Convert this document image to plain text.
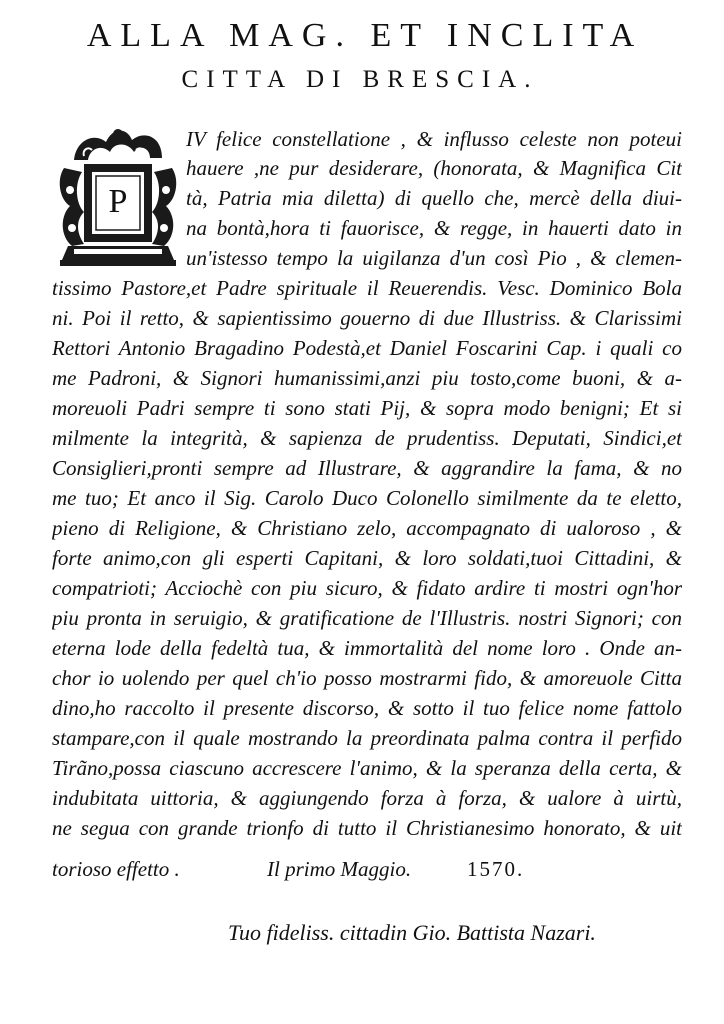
ALLA MAG. ET INCLITA
CITTA DI BRESCIA.
P
IV felice constellatione , & influsso celeste non poteui
hauere ,ne pur desiderare, (honorata, & Magnifica Cit
tà, Patria mia diletta) di quello che, mercè della diui-
na bontà,hora ti fauorisce, & regge, in hauerti dato in
un'istesso tempo la uigilanza d'un così Pio , & clemen-
tissimo Pastore,et Padre spirituale il Reuerendis. Vesc. Dominico Bola
ni. Poi il retto, & sapientissimo gouerno di due Illustriss. & Clarissimi
Rettori Antonio Bragadino Podestà,et Daniel Foscarini Cap. i quali co
me Padroni, & Signori humanissimi,anzi piu tosto,come buoni, & a-
moreuoli Padri sempre ti sono stati Pij, & sopra modo benigni; Et si
milmente la integrità, & sapienza de prudentiss. Deputati, Sindici,et
Consiglieri,pronti sempre ad Illustrare, & aggrandire la fama, & no
me tuo; Et anco il Sig. Carolo Duco Colonello similmente da te eletto,
pieno di Religione, & Christiano zelo, accompagnato di ualoroso , &
forte animo,con gli esperti Capitani, & loro soldati,tuoi Cittadini, &
compatrioti; Acciochè con piu sicuro, & fidato ardire ti mostri ogn'hor
piu pronta in seruigio, & gratificatione de l'Illustris. nostri Signori; con
eterna lode della fedeltà tua, & immortalità del nome loro . Onde an-
chor io uolendo per quel ch'io posso mostrarmi fido, & amoreuole Citta
dino,ho raccolto il presente discorso, & sotto il tuo felice nome fattolo
stampare,con il quale mostrando la preordinata palma contra il perfido
Tirãno,possa ciascuno accrescere l'animo, & la speranza della certa, &
indubitata uittoria, & aggiungendo forza à forza, & ualore à uirtù,
ne segua con grande trionfo di tutto il Christianesimo honorato, & uit
torioso effetto .	Il primo Maggio.	1570.
Tuo fideliss. cittadin Gio. Battista Nazari.
